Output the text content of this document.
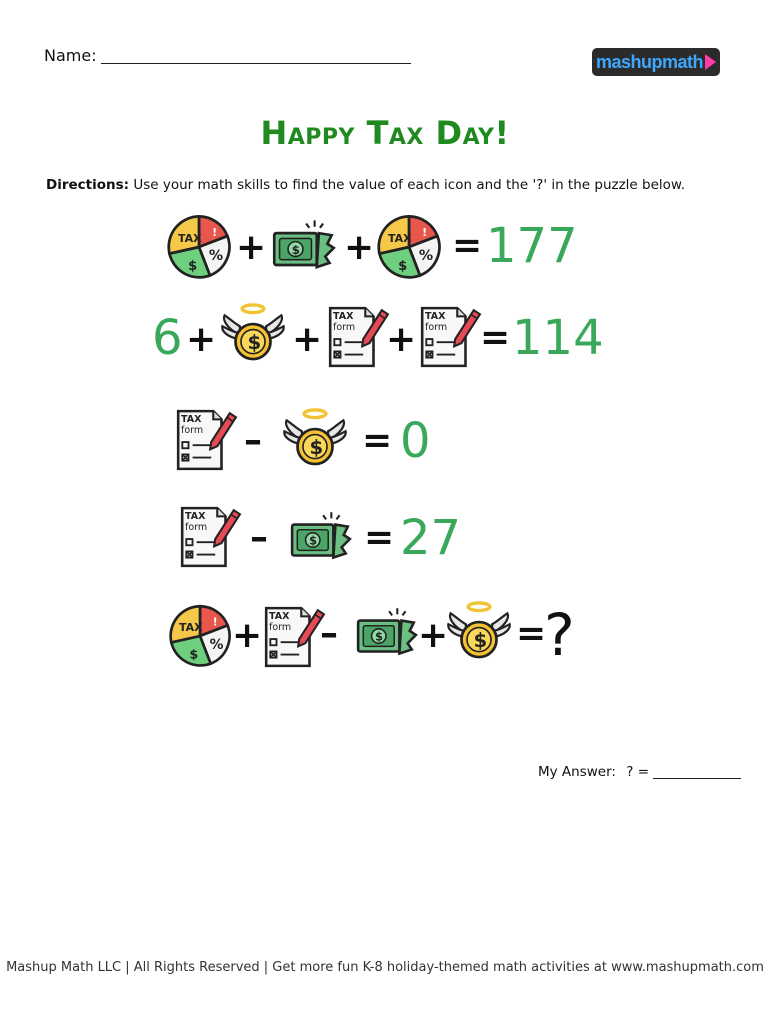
Name:	mashup math
Happy Tax Day!
Directions: Use your math skills to find the value of each icon and the '?' in the puzzle below.
TAX + + TAX = 177
6 + +
TAX
form +
TAX
form = 114
TAX
form –	= 0
TAX
form –	= 27
TAX + TAX
form – + =
?
My Answer: ? =
Mashup Math LLC | All Rights Reserved | Get more fun K-8 holiday-themed math activities at www.mashupmath.com
